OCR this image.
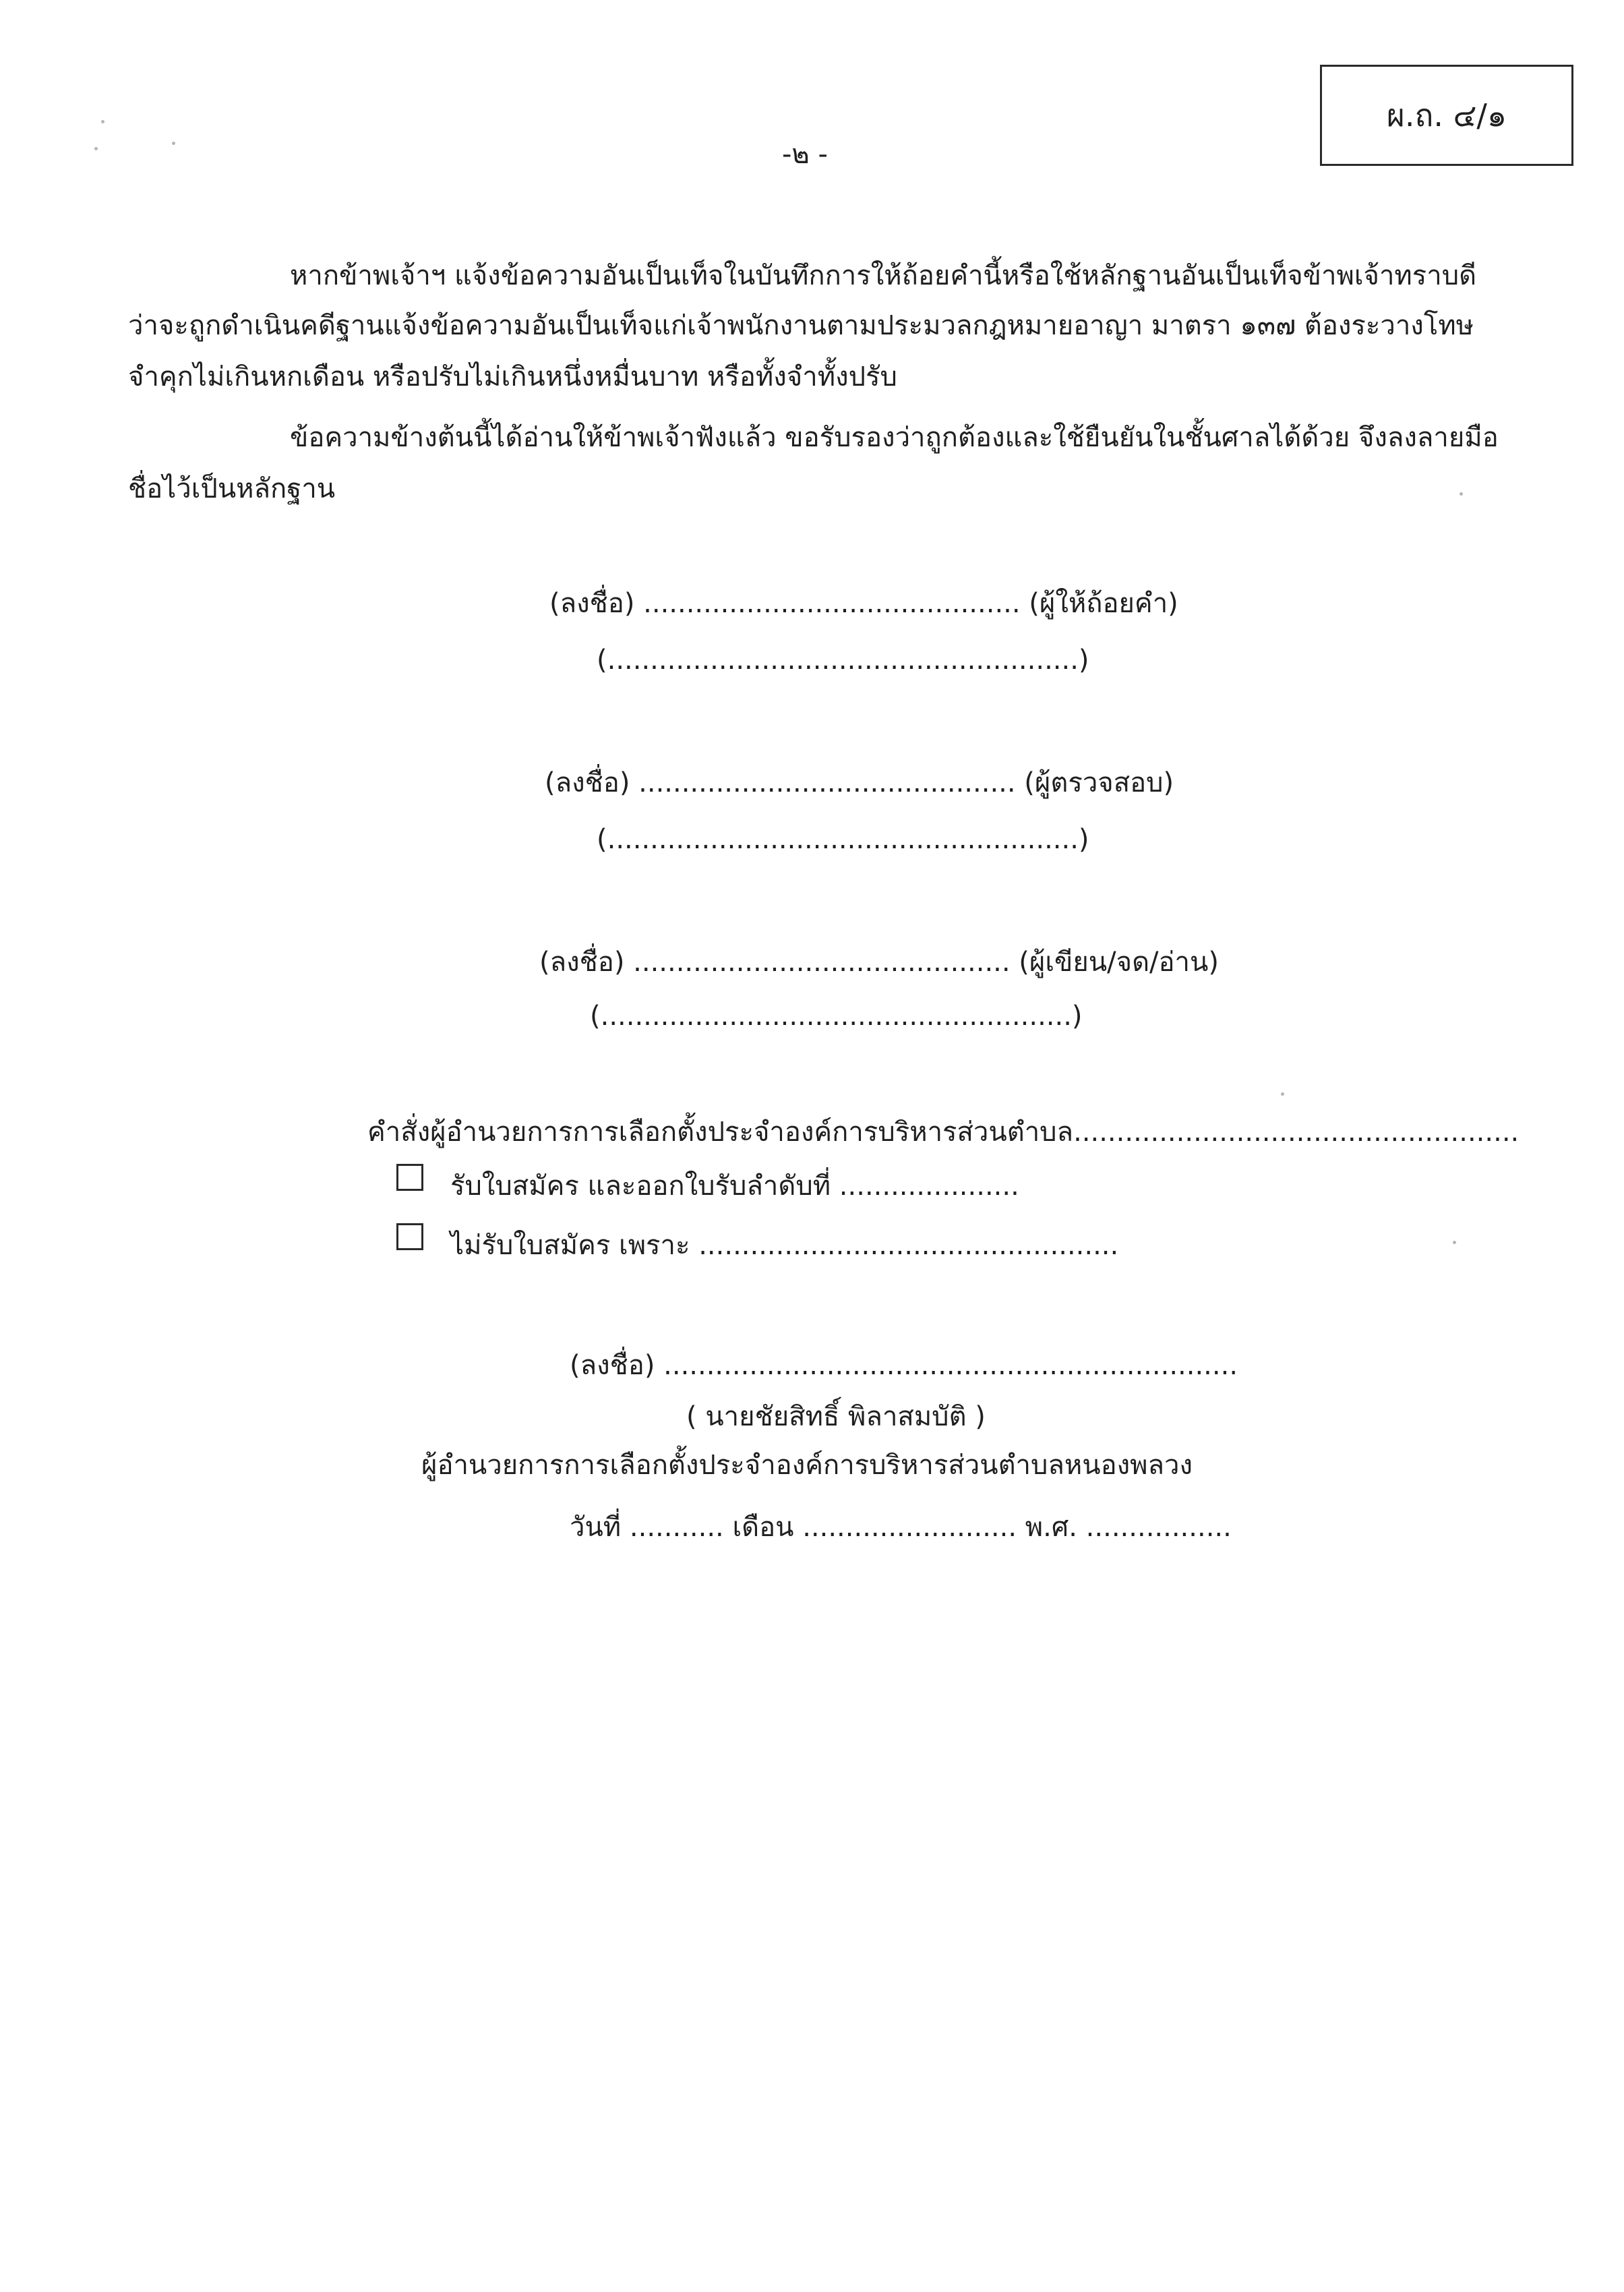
ผ.ถ. ๔/๑
-๒ -
หากข้าพเจ้าฯ แจ้งข้อความอันเป็นเท็จในบันทึกการให้ถ้อยคำนี้หรือใช้หลักฐานอันเป็นเท็จข้าพเจ้าทราบดี
ว่าจะถูกดำเนินคดีฐานแจ้งข้อความอันเป็นเท็จแก่เจ้าพนักงานตามประมวลกฎหมายอาญา มาตรา ๑๓๗ ต้องระวางโทษ
จำคุกไม่เกินหกเดือน หรือปรับไม่เกินหนึ่งหมื่นบาท หรือทั้งจำทั้งปรับ
ข้อความข้างต้นนี้ได้อ่านให้ข้าพเจ้าฟังแล้ว ขอรับรองว่าถูกต้องและใช้ยืนยันในชั้นศาลได้ด้วย จึงลงลายมือ
ชื่อไว้เป็นหลักฐาน
(ลงชื่อ) ............................................ (ผู้ให้ถ้อยคำ)
(.......................................................)
(ลงชื่อ) ............................................ (ผู้ตรวจสอบ)
(.......................................................)
(ลงชื่อ) ............................................ (ผู้เขียน/จด/อ่าน)
(.......................................................)
คำสั่งผู้อำนวยการการเลือกตั้งประจำองค์การบริหารส่วนตำบล....................................................
รับใบสมัคร และออกใบรับลำดับที่ .....................
ไม่รับใบสมัคร เพราะ .................................................
(ลงชื่อ) ...................................................................
( นายชัยสิทธิ์ พิลาสมบัติ )
ผู้อำนวยการการเลือกตั้งประจำองค์การบริหารส่วนตำบลหนองพลวง
วันที่ ........... เดือน ......................... พ.ศ. .................
